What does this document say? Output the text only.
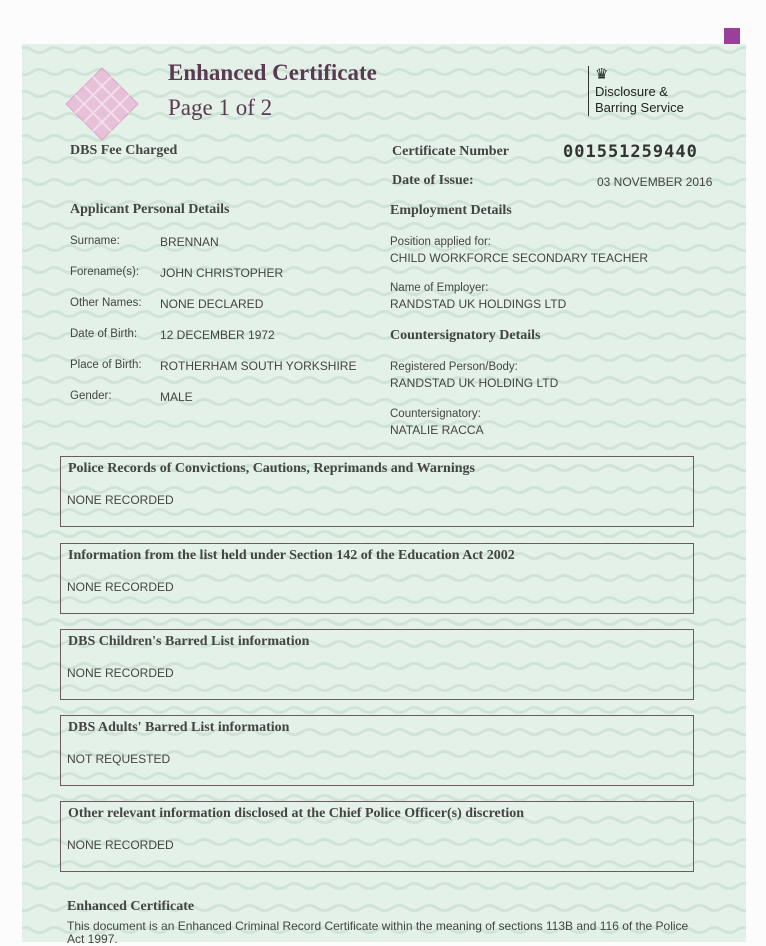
Enhanced Certificate
Page 1 of 2
♛
Disclosure &
Barring Service
DBS Fee Charged	Certificate Number	001551259440
Date of Issue:	03 NOVEMBER 2016
Applicant Personal Details
Surname:	BRENNAN
Forename(s): JOHN CHRISTOPHER
Other Names: NONE DECLARED
Date of Birth: 12 DECEMBER 1972
Place of Birth: ROTHERHAM SOUTH YORKSHIRE
Gender:	MALE
Employment Details
Position applied for:
CHILD WORKFORCE SECONDARY TEACHER
Name of Employer:
RANDSTAD UK HOLDINGS LTD
Countersignatory Details
Registered Person/Body:
RANDSTAD UK HOLDING LTD
Countersignatory:
NATALIE RACCA
Police Records of Convictions, Cautions, Reprimands and Warnings
NONE RECORDED
Information from the list held under Section 142 of the Education Act 2002
NONE RECORDED
DBS Children's Barred List information
NONE RECORDED
DBS Adults' Barred List information
NOT REQUESTED
Other relevant information disclosed at the Chief Police Officer(s) discretion
NONE RECORDED
Enhanced Certificate
This document is an Enhanced Criminal Record Certificate within the meaning of sections 113B and 116 of the Police
Act 1997.
